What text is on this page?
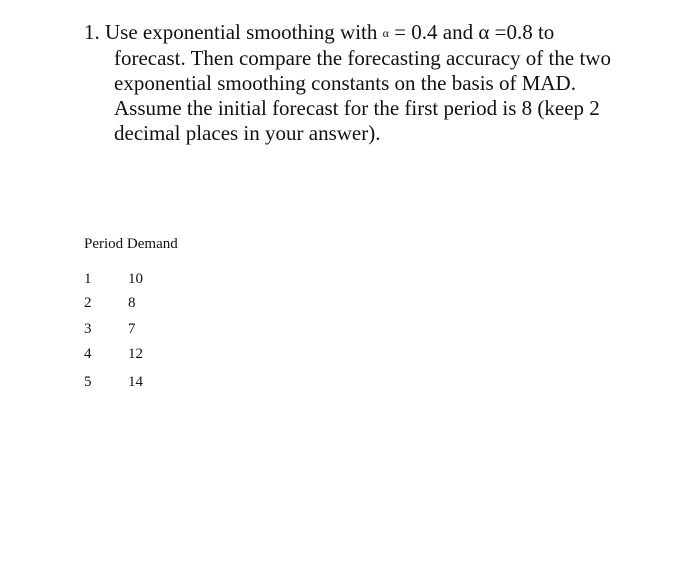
1. Use exponential smoothing with α = 0.4 and α =0.8 to
forecast. Then compare the forecasting accuracy of the two
exponential smoothing constants on the basis of MAD.
Assume the initial forecast for the first period is 8 (keep 2
decimal places in your answer).
Period Demand
1 10
2 8
3 7
4 12
5 14
